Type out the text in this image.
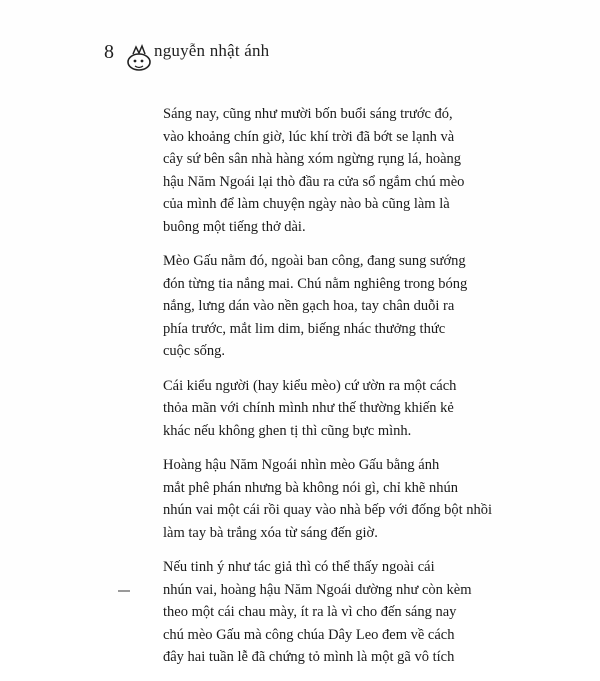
8 nguyễn nhật ánh

Sáng nay, cũng như mười bốn buổi sáng trước đó,
vào khoảng chín giờ, lúc khí trời đã bớt se lạnh và
cây sứ bên sân nhà hàng xóm ngừng rụng lá, hoàng
hậu Năm Ngoái lại thò đầu ra cửa sổ ngắm chú mèo
của mình để làm chuyện ngày nào bà cũng làm là
buông một tiếng thở dài.

Mèo Gấu nằm đó, ngoài ban công, đang sung sướng
đón từng tia nắng mai. Chú nằm nghiêng trong bóng
nắng, lưng dán vào nền gạch hoa, tay chân duỗi ra
phía trước, mắt lim dim, biếng nhác thưởng thức
cuộc sống.

Cái kiểu người (hay kiểu mèo) cứ ườn ra một cách
thỏa mãn với chính mình như thế thường khiến kẻ
khác nếu không ghen tị thì cũng bực mình.

Hoàng hậu Năm Ngoái nhìn mèo Gấu bằng ánh
mắt phê phán nhưng bà không nói gì, chỉ khẽ nhún
nhún vai một cái rồi quay vào nhà bếp với đống bột nhồi
làm tay bà trắng xóa từ sáng đến giờ.

Nếu tinh ý như tác giả thì có thể thấy ngoài cái
nhún vai, hoàng hậu Năm Ngoái dường như còn kèm
theo một cái chau mày, ít ra là vì cho đến sáng nay
chú mèo Gấu mà công chúa Dây Leo đem về cách
đây hai tuần lễ đã chứng tỏ mình là một gã vô tích
